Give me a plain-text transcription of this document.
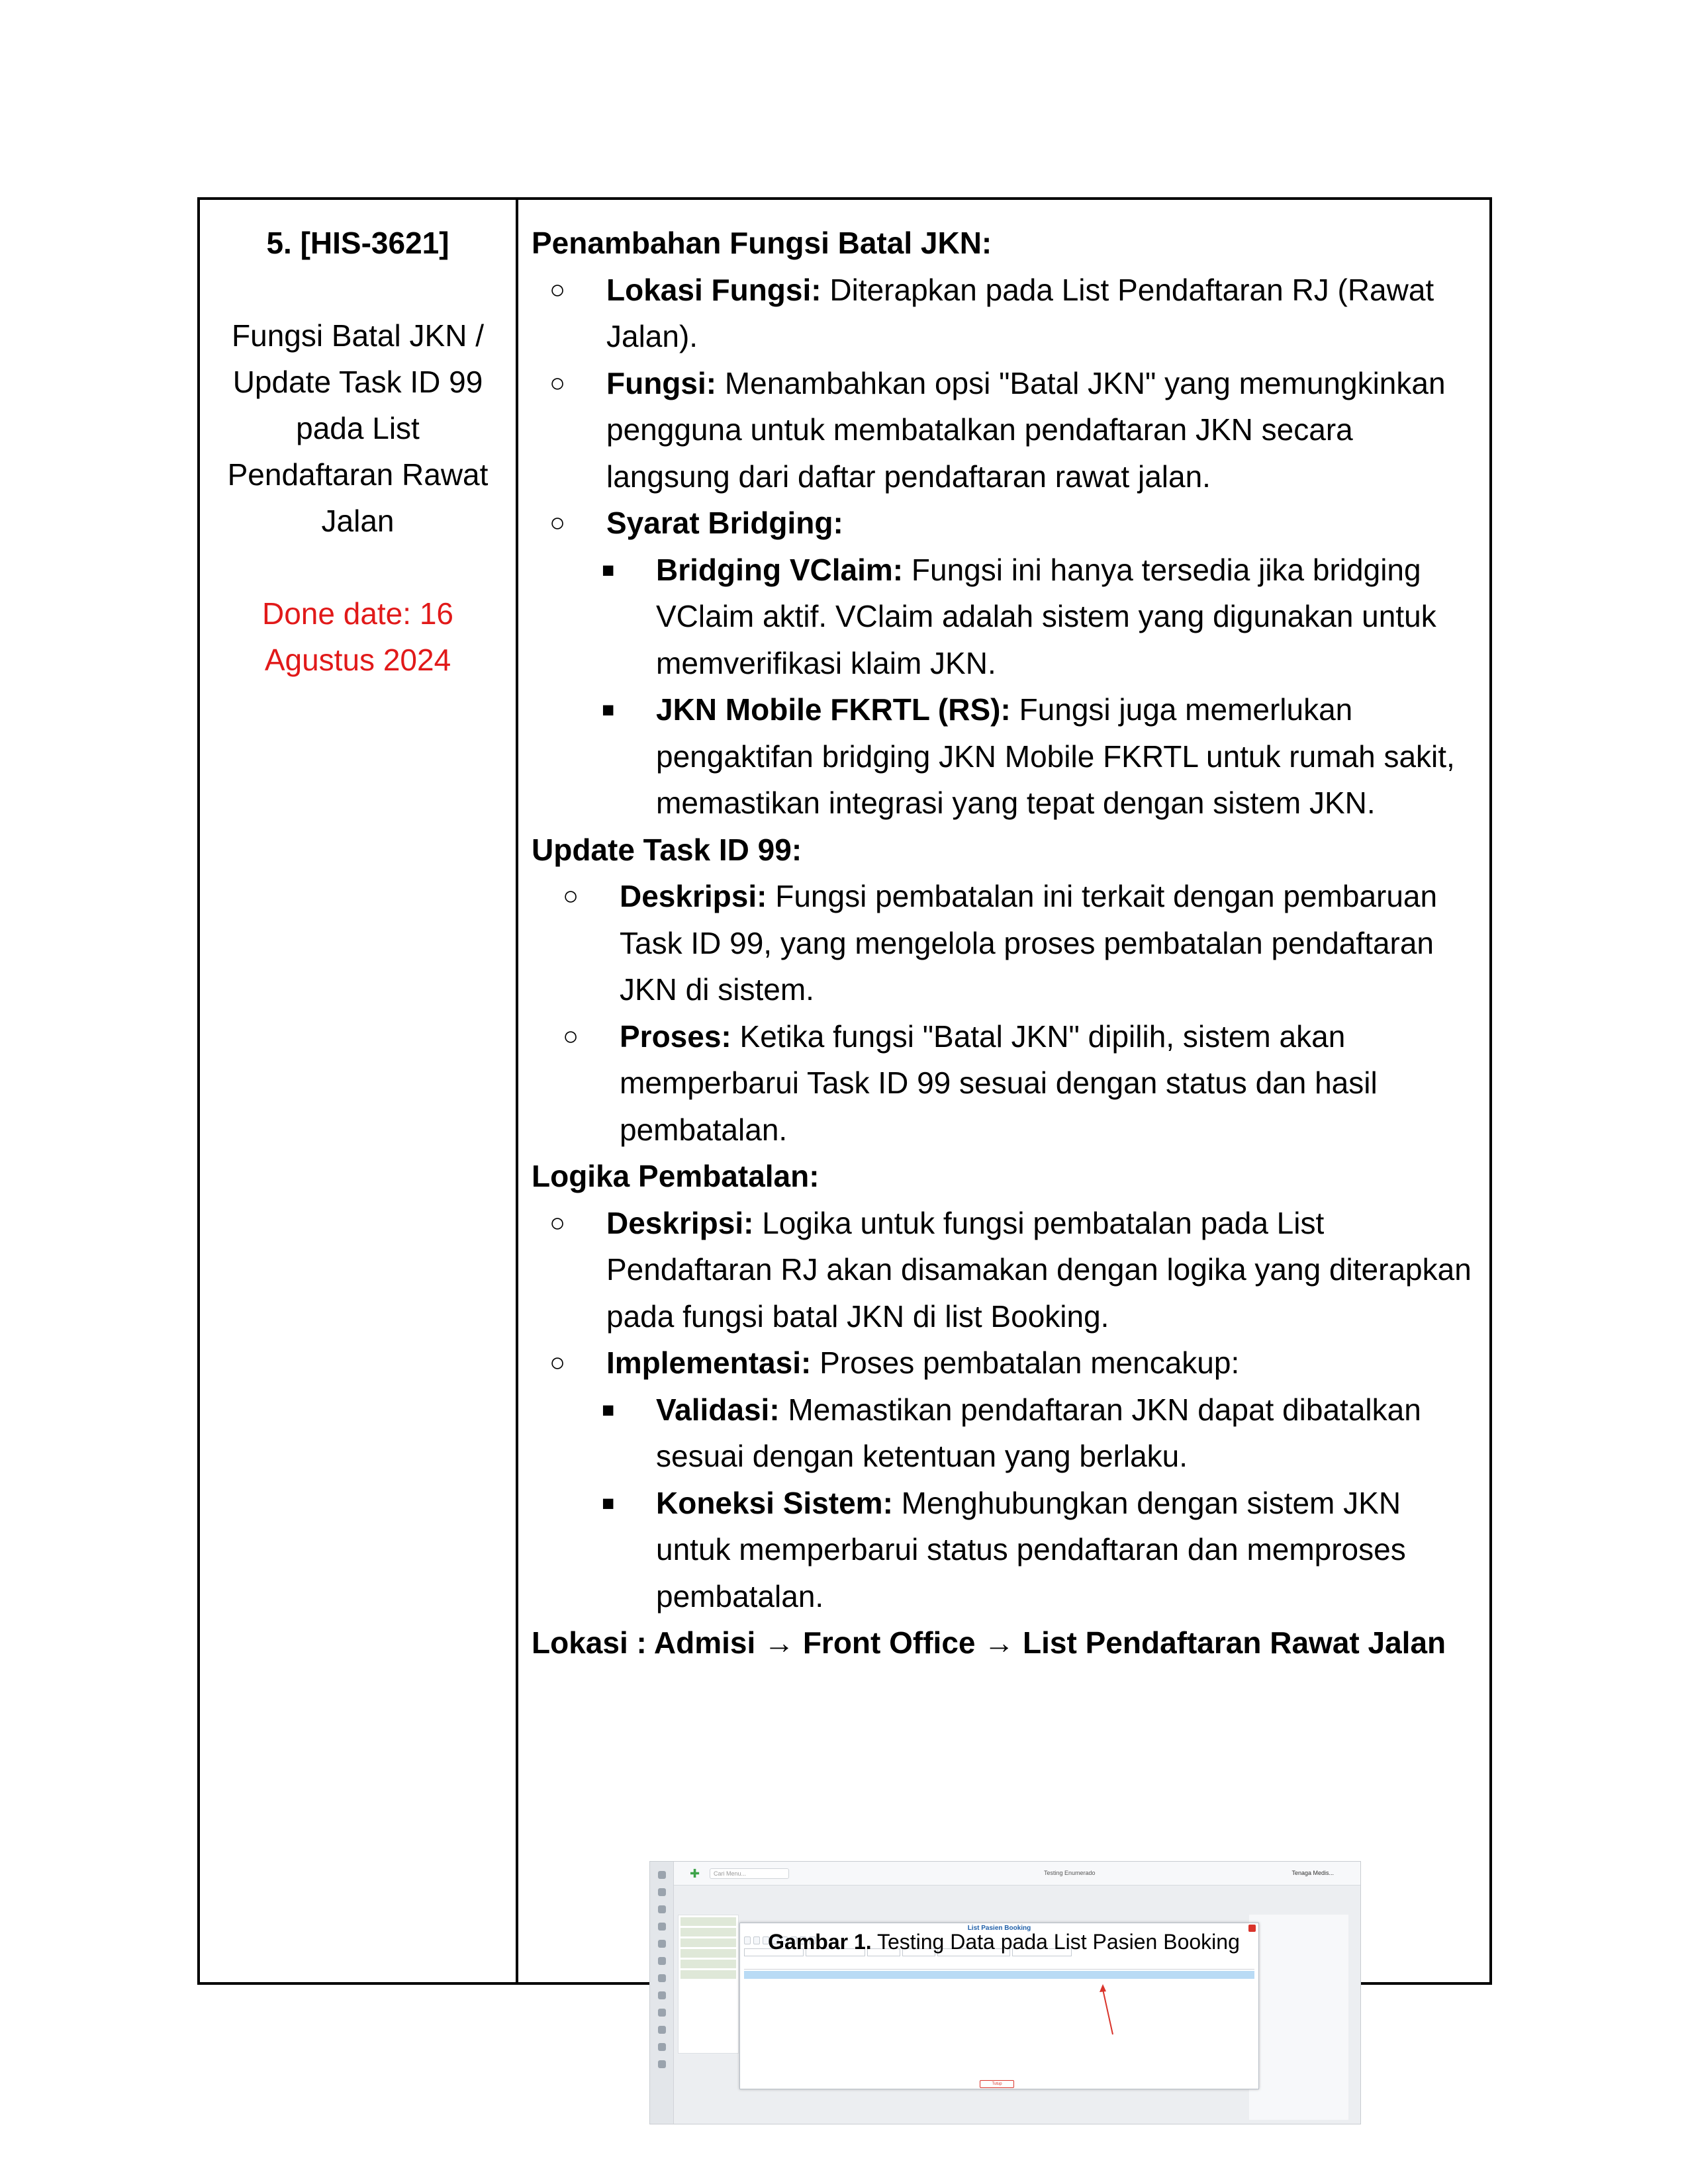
5. [HIS-3621]
Fungsi Batal JKN / Update Task ID 99 pada List Pendaftaran Rawat Jalan
Done date: 16 Agustus 2024
Penambahan Fungsi Batal JKN:
○ Lokasi Fungsi: Diterapkan pada List Pendaftaran RJ (Rawat Jalan).
○ Fungsi: Menambahkan opsi "Batal JKN" yang memungkinkan pengguna untuk membatalkan pendaftaran JKN secara langsung dari daftar pendaftaran rawat jalan.
○ Syarat Bridging:
■ Bridging VClaim: Fungsi ini hanya tersedia jika bridging VClaim aktif. VClaim adalah sistem yang digunakan untuk memverifikasi klaim JKN.
■ JKN Mobile FKRTL (RS): Fungsi juga memerlukan pengaktifan bridging JKN Mobile FKRTL untuk rumah sakit, memastikan integrasi yang tepat dengan sistem JKN.
Update Task ID 99:
○ Deskripsi: Fungsi pembatalan ini terkait dengan pembaruan Task ID 99, yang mengelola proses pembatalan pendaftaran JKN di sistem.
○ Proses: Ketika fungsi "Batal JKN" dipilih, sistem akan memperbarui Task ID 99 sesuai dengan status dan hasil pembatalan.
Logika Pembatalan:
○ Deskripsi: Logika untuk fungsi pembatalan pada List Pendaftaran RJ akan disamakan dengan logika yang diterapkan pada fungsi batal JKN di list Booking.
○ Implementasi: Proses pembatalan mencakup:
■ Validasi: Memastikan pendaftaran JKN dapat dibatalkan sesuai dengan ketentuan yang berlaku.
■ Koneksi Sistem: Menghubungkan dengan sistem JKN untuk memperbarui status pendaftaran dan memproses pembatalan.
Lokasi : Admisi → Front Office → List Pendaftaran Rawat Jalan
✚	Cari Menu...	Testing Enumerado	Tenaga Medis...
List Pasien Booking
Tutup
Gambar 1. Testing Data pada List Pasien Booking
